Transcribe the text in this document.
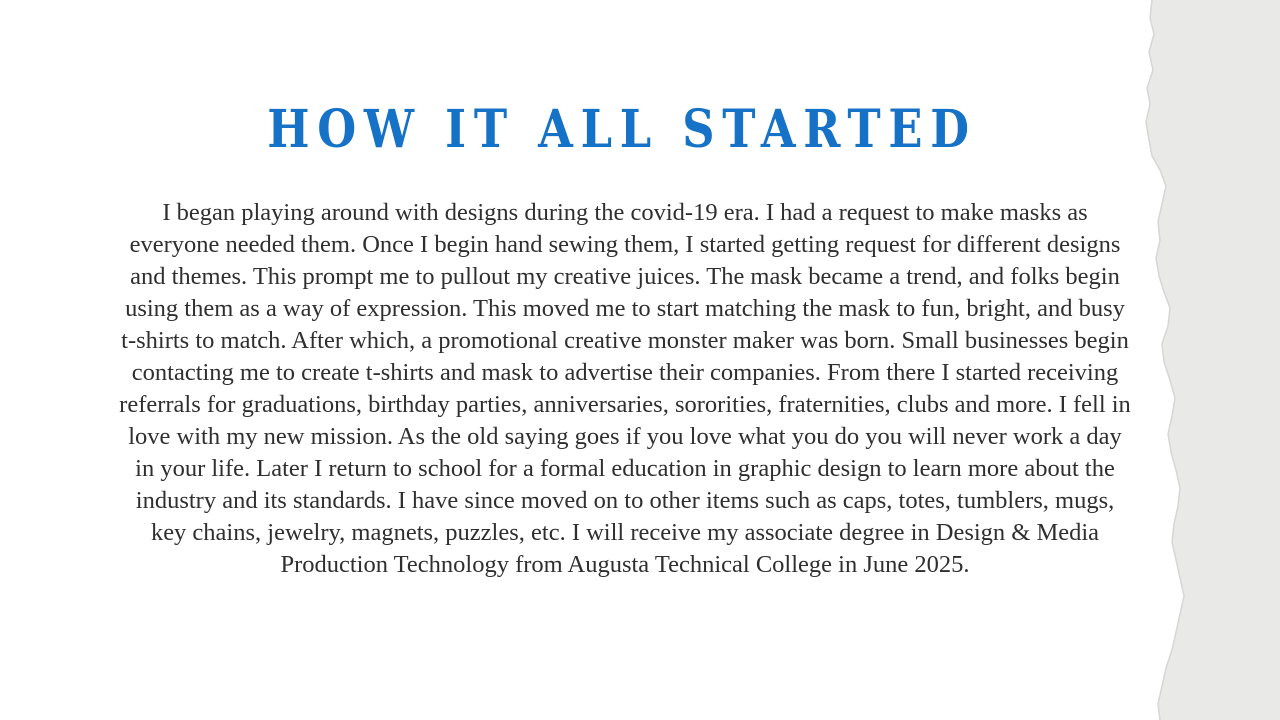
HOW IT ALL STARTED

I began playing around with designs during the covid-19 era. I had a request to make masks as everyone needed them. Once I begin hand sewing them, I started getting request for different designs and themes. This prompt me to pullout my creative juices. The mask became a trend, and folks begin using them as a way of expression. This moved me to start matching the mask to fun, bright, and busy t-shirts to match. After which, a promotional creative monster maker was born. Small businesses begin contacting me to create t-shirts and mask to advertise their companies. From there I started receiving referrals for graduations, birthday parties, anniversaries, sororities, fraternities, clubs and more. I fell in love with my new mission. As the old saying goes if you love what you do you will never work a day in your life. Later I return to school for a formal education in graphic design to learn more about the industry and its standards. I have since moved on to other items such as caps, totes, tumblers, mugs, key chains, jewelry, magnets, puzzles, etc. I will receive my associate degree in Design & Media Production Technology from Augusta Technical College in June 2025.
